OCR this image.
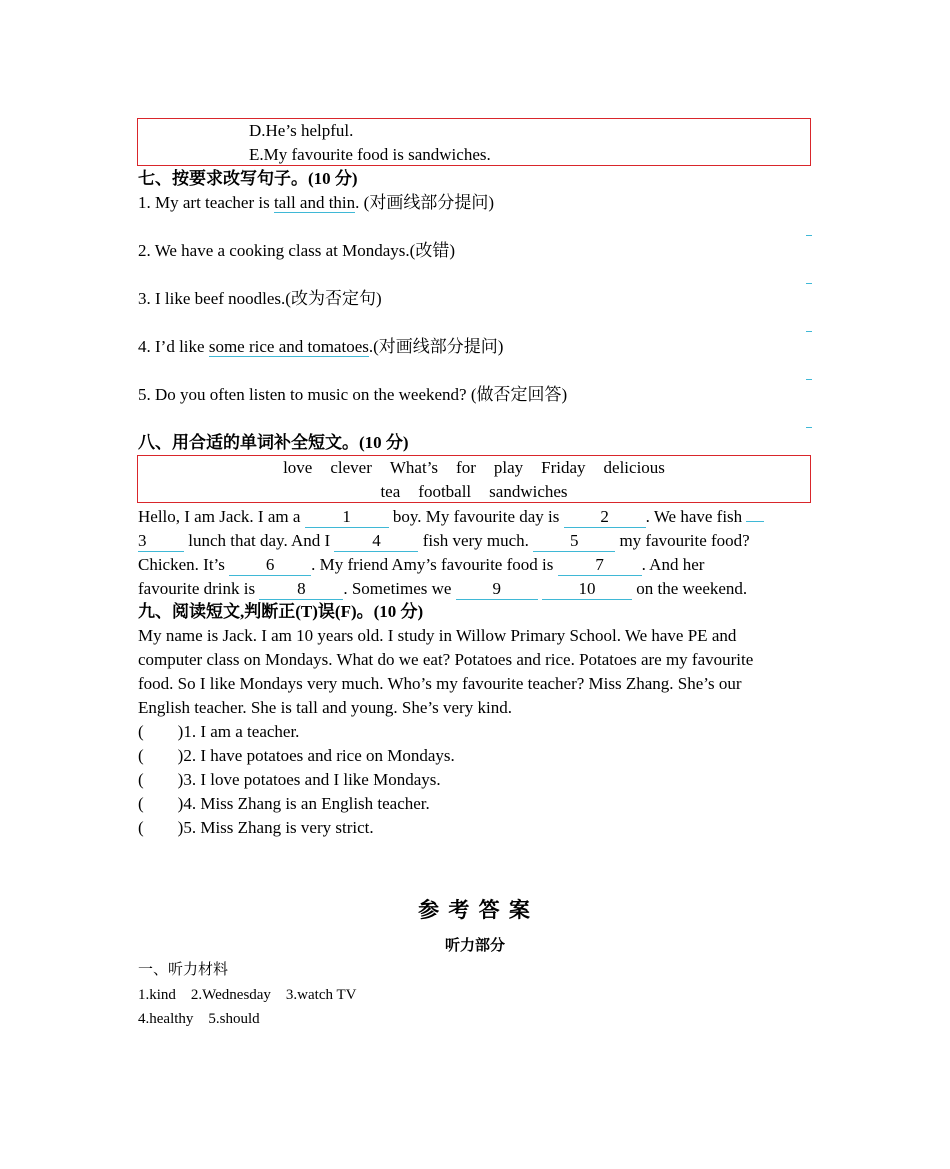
D.He’s helpful.
E.My favourite food is sandwiches.
七、按要求改写句子。(10 分)
1. My art teacher is tall and thin. (对画线部分提问)
2. We have a cooking class at Mondays.(改错)
3. I like beef noodles.(改为否定句)
4. I’d like some rice and tomatoes.(对画线部分提问)
5. Do you often listen to music on the weekend? (做否定回答)
八、用合适的单词补全短文。(10 分)
love clever What’s for play Friday delicious
tea football sandwiches
Hello, I am Jack. I am a 1 boy. My favourite day is 2 . We have fish
3 lunch that day. And I 4 fish very much. 5 my favourite food?
Chicken. It’s 6 . My friend Amy’s favourite food is 7 . And her
favourite drink is 8 . Sometimes we 9	10 on the weekend.
九、阅读短文,判断正(T)误(F)。(10 分)
My name is Jack. I am 10 years old. I study in Willow Primary School. We have PE and
computer class on Mondays. What do we eat? Potatoes and rice. Potatoes are my favourite
food. So I like Mondays very much. Who’s my favourite teacher? Miss Zhang. She’s our
English teacher. She is tall and young. She’s very kind.
(        )1. I am a teacher.
(        )2. I have potatoes and rice on Mondays.
(        )3. I love potatoes and I like Mondays.
(        )4. Miss Zhang is an English teacher.
(        )5. Miss Zhang is very strict.
参 考 答 案
听力部分
一、听力材料
1.kind    2.Wednesday    3.watch TV
4.healthy    5.should
